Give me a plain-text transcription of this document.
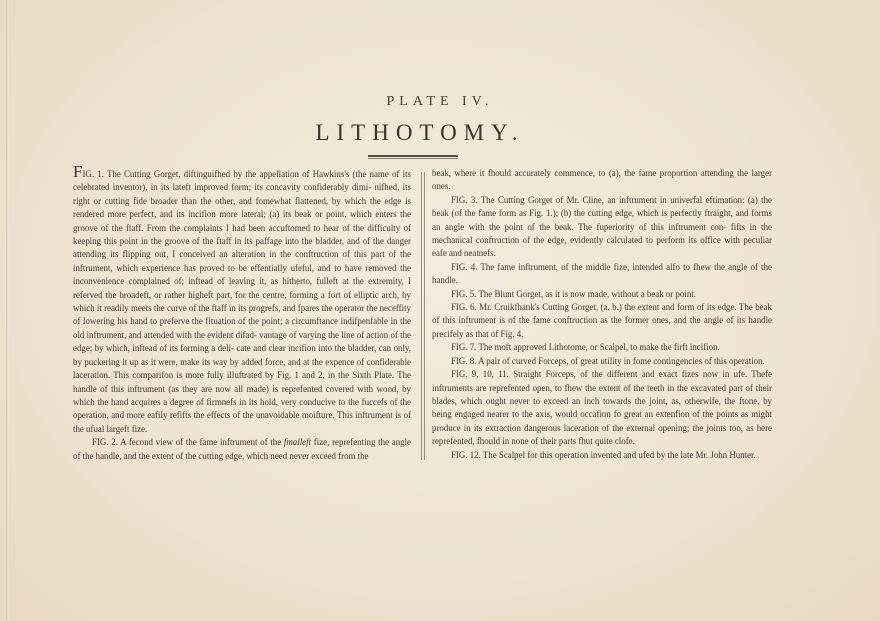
PLATE IV.
LITHOTOMY.

FIG. 1. The Cutting Gorget, diftinguifhed by the appellation of Hawkins's (the name of its celebrated inventor), in its lateft improved form; its concavity confiderably dimi- nifhed, its right or cutting fide broader than the other, and fomewhat flattened, by which the edge is rendered more perfect, and its incifion more lateral; (a) its beak or point, which enters the groove of the ftaff. From the complaints I had been accuftomed to hear of the difficulty of keeping this point in the groove of the ftaff in its paffage into the bladder, and of the danger attending its flipping out, I conceived an alteration in the conftruction of this part of the inftrument, which experience has proved to be effentially ufeful, and to have removed the inconvenience complained of; inftead of leaving it, as hitherto, fulleft at the extremity, I referved the broadeft, or rather higheft part, for the centre, forming a fort of elliptic arch, by which it readily meets the curve of the ftaff in its progrefs, and fpares the operator the neceffity of lowering his hand to preferve the fituation of the point; a circumftance indifpenfable in the old inftrument, and attended with the evident difad- vantage of varying the line of action of the edge; by which, inftead of its forming a deli- cate and clear incifion into the bladder, can only, by puckering it up as it were, make its way by added force, and at the expence of confiderable laceration. This comparifon is more fully illuftrated by Fig. 1 and 2, in the Sixth Plate. The handle of this inftrument (as they are now all made) is reprefented covered with wood, by which the hand acquires a degree of firmnefs in its hold, very conducive to the fuccefs of the operation, and more eafily refifts the effects of the unavoidable moifture. This inftrument is of the ufual largeft fize.

FIG. 2. A fecond view of the fame inftrument of the fmalleft fize, reprefenting the angle of the handle, and the extent of the cutting edge, which need never exceed from the

beak, where it fhould accurately commence, to (a), the fame proportion attending the larger ones.

FIG. 3. The Cutting Gorget of Mr. Cline, an inftrument in univerfal eftimation: (a) the beak (of the fame form as Fig. 1.); (b) the cutting edge, which is perfectly ftraight, and forms an angle with the point of the beak. The fuperiority of this inftrument con- fifts in the mechanical conftruction of the edge, evidently calculated to perform its office with peculiar eafe and neatnefs.

FIG. 4. The fame inftrument, of the middle fize, intended alfo to fhew the angle of the handle.

FIG. 5. The Blunt Gorget, as it is now made, without a beak or point.

FIG. 6. Mr. Cruikfhank's Cutting Gorget, (a. b.) the extent and form of its edge. The beak of this inftrument is of the fame conftruction as the former ones, and the angle of its handle precifely as that of Fig. 4.

FIG. 7. The moft approved Lithotome, or Scalpel, to make the firft incifion.

FIG. 8. A pair of curved Forceps, of great utility in fome contingencies of this operation.

FIG. 9, 10, 11. Straight Forceps, of the different and exact fizes now in ufe. Thefe inftruments are reprefented open, to fhew the extent of the teeth in the excavated part of their blades, which ought never to exceed an inch towards the joint, as, otherwife, the ftone, by being engaged nearer to the axis, would occafion fo great an extenfion of the points as might produce in its extraction dangerous laceration of the external opening; the joints too, as here reprefented, fhould in none of their parts fhut quite clofe.

FIG. 12. The Scalpel for this operation invented and ufed by the late Mr. John Hunter.
